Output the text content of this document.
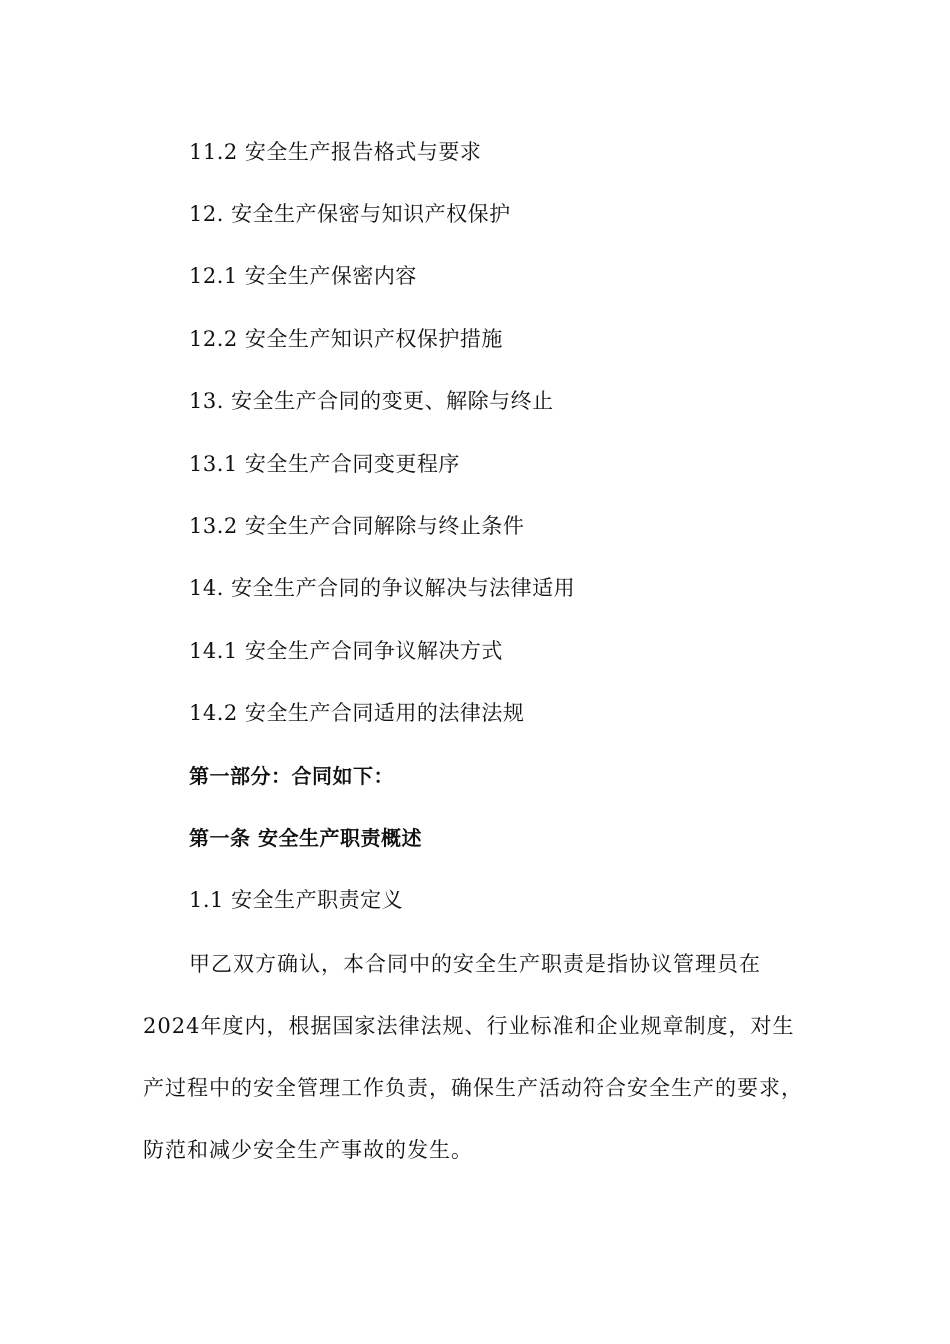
11.2 安全生产报告格式与要求
12. 安全生产保密与知识产权保护
12.1 安全生产保密内容
12.2 安全生产知识产权保护措施
13. 安全生产合同的变更、解除与终止
13.1 安全生产合同变更程序
13.2 安全生产合同解除与终止条件
14. 安全生产合同的争议解决与法律适用
14.1 安全生产合同争议解决方式
14.2 安全生产合同适用的法律法规
第一部分：合同如下：
第一条 安全生产职责概述
1.1 安全生产职责定义
甲乙双方确认，本合同中的安全生产职责是指协议管理员在
2024年度内，根据国家法律法规、行业标准和企业规章制度，对生
产过程中的安全管理工作负责，确保生产活动符合安全生产的要求，
防范和减少安全生产事故的发生。
